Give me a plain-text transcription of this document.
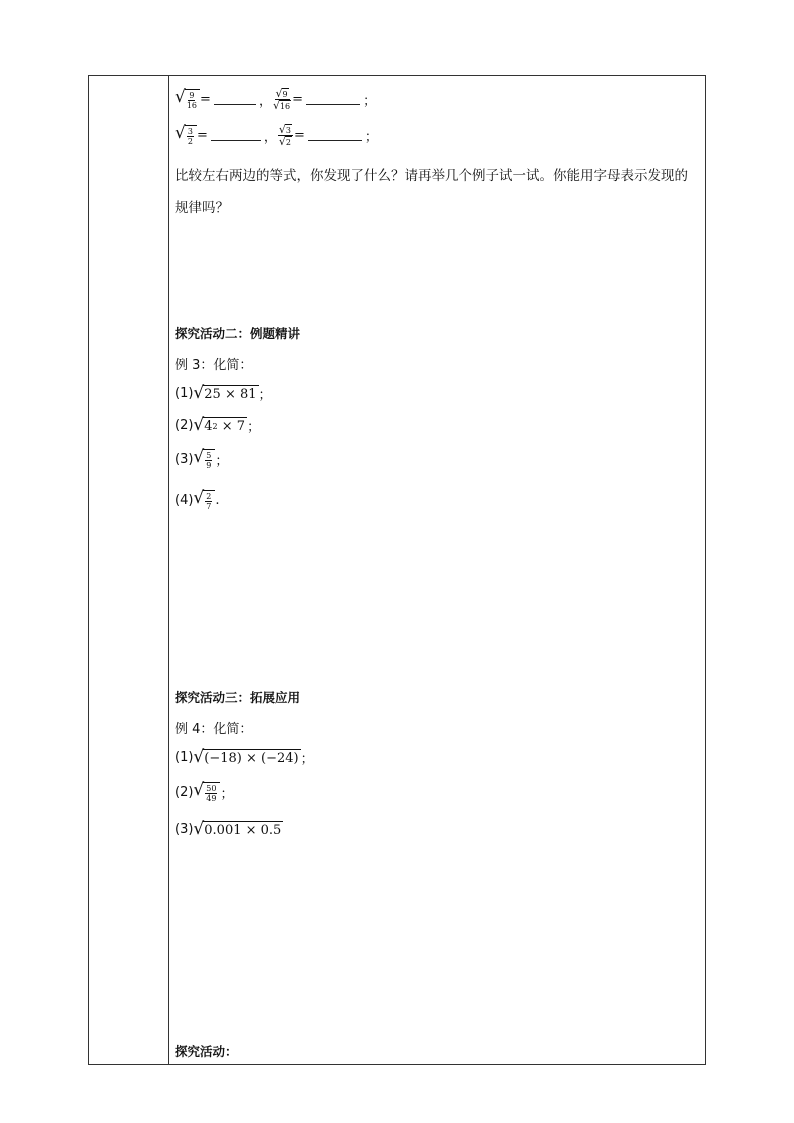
√ $\frac{9}{16}$ =	， $\frac{√ 9}{√ 16}$ =	；
√ $\frac{3}{2}$ =	， $\frac{√ 3}{√ 2}$ =	；
比较左右两边的等式，你发现了什么？请再举几个例子试一试。你能用字母表示发现的规律吗？
探究活动二：例题精讲
例 3：化简：
(1) √ 25 × 81 ；
(2) √ 4 2
× 7 ；
(3) √ $\frac{5}{9}$ ；
(4) √ $\frac{2}{7}$ .
探究活动三：拓展应用
例 4：化简：
(1) √ (−18) × (−24) ；
(2) √ $\frac{50}{49}$ ；
(3) √ 0.001 × 0.5
探究活动：
